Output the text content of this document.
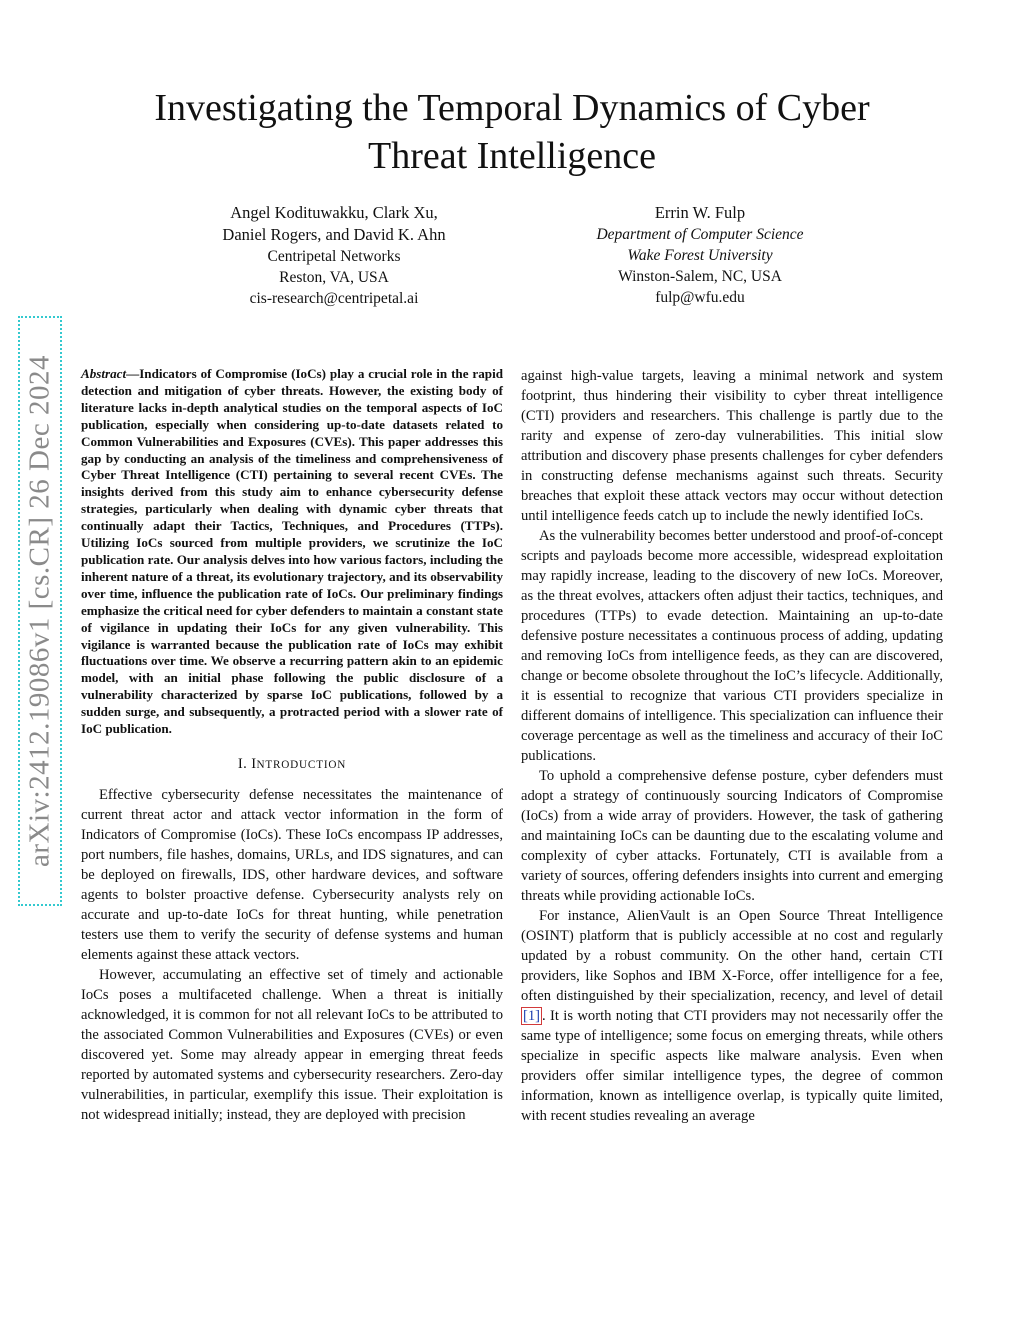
arXiv:2412.19086v1 [cs.CR] 26 Dec 2024
Investigating the Temporal Dynamics of Cyber
Threat Intelligence
Angel Kodituwakku, Clark Xu,
Daniel Rogers, and David K. Ahn
Centripetal Networks
Reston, VA, USA
cis-research@centripetal.ai
Errin W. Fulp
Department of Computer Science
Wake Forest University
Winston-Salem, NC, USA
fulp@wfu.edu

Abstract—Indicators of Compromise (IoCs) play a crucial role in the rapid detection and mitigation of cyber threats. However, the existing body of literature lacks in-depth analytical studies on the temporal aspects of IoC publication, especially when considering up-to-date datasets related to Common Vulnerabilities and Exposures (CVEs). This paper addresses this gap by conducting an analysis of the timeliness and comprehensiveness of Cyber Threat Intelligence (CTI) pertaining to several recent CVEs. The insights derived from this study aim to enhance cybersecurity defense strategies, particularly when dealing with dynamic cyber threats that continually adapt their Tactics, Techniques, and Procedures (TTPs). Utilizing IoCs sourced from multiple providers, we scrutinize the IoC publication rate. Our analysis delves into how various factors, including the inherent nature of a threat, its evolutionary trajectory, and its observability over time, influence the publication rate of IoCs. Our preliminary findings emphasize the critical need for cyber defenders to maintain a constant state of vigilance in updating their IoCs for any given vulnerability. This vigilance is warranted because the publication rate of IoCs may exhibit fluctuations over time. We observe a recurring pattern akin to an epidemic model, with an initial phase following the public disclosure of a vulnerability characterized by sparse IoC publications, followed by a sudden surge, and subsequently, a protracted period with a slower rate of IoC publication.

I. INTRODUCTION

Effective cybersecurity defense necessitates the maintenance of current threat actor and attack vector information in the form of Indicators of Compromise (IoCs). These IoCs encompass IP addresses, port numbers, file hashes, domains, URLs, and IDS signatures, and can be deployed on firewalls, IDS, other hardware devices, and software agents to bolster proactive defense. Cybersecurity analysts rely on accurate and up-to-date IoCs for threat hunting, while penetration testers use them to verify the security of defense systems and human elements against these attack vectors.

However, accumulating an effective set of timely and actionable IoCs poses a multifaceted challenge. When a threat is initially acknowledged, it is common for not all relevant IoCs to be attributed to the associated Common Vulnerabilities and Exposures (CVEs) or even discovered yet. Some may already appear in emerging threat feeds reported by automated systems and cybersecurity researchers. Zero-day vulnerabilities, in particular, exemplify this issue. Their exploitation is not widespread initially; instead, they are deployed with precision

against high-value targets, leaving a minimal network and system footprint, thus hindering their visibility to cyber threat intelligence (CTI) providers and researchers. This challenge is partly due to the rarity and expense of zero-day vulnerabilities. This initial slow attribution and discovery phase presents challenges for cyber defenders in constructing defense mechanisms against such threats. Security breaches that exploit these attack vectors may occur without detection until intelligence feeds catch up to include the newly identified IoCs.

As the vulnerability becomes better understood and proof-of-concept scripts and payloads become more accessible, widespread exploitation may rapidly increase, leading to the discovery of new IoCs. Moreover, as the threat evolves, attackers often adjust their tactics, techniques, and procedures (TTPs) to evade detection. Maintaining an up-to-date defensive posture necessitates a continuous process of adding, updating and removing IoCs from intelligence feeds, as they can are discovered, change or become obsolete throughout the IoC’s lifecycle. Additionally, it is essential to recognize that various CTI providers specialize in different domains of intelligence. This specialization can influence their coverage percentage as well as the timeliness and accuracy of their IoC publications.

To uphold a comprehensive defense posture, cyber defenders must adopt a strategy of continuously sourcing Indicators of Compromise (IoCs) from a wide array of providers. However, the task of gathering and maintaining IoCs can be daunting due to the escalating volume and complexity of cyber attacks. Fortunately, CTI is available from a variety of sources, offering defenders insights into current and emerging threats while providing actionable IoCs.

For instance, AlienVault is an Open Source Threat Intelligence (OSINT) platform that is publicly accessible at no cost and regularly updated by a robust community. On the other hand, certain CTI providers, like Sophos and IBM X-Force, offer intelligence for a fee, often distinguished by their specialization, recency, and level of detail [1] . It is worth noting that CTI providers may not necessarily offer the same type of intelligence; some focus on emerging threats, while others specialize in specific aspects like malware analysis. Even when providers offer similar intelligence types, the degree of common information, known as intelligence overlap, is typically quite limited, with recent studies revealing an average
